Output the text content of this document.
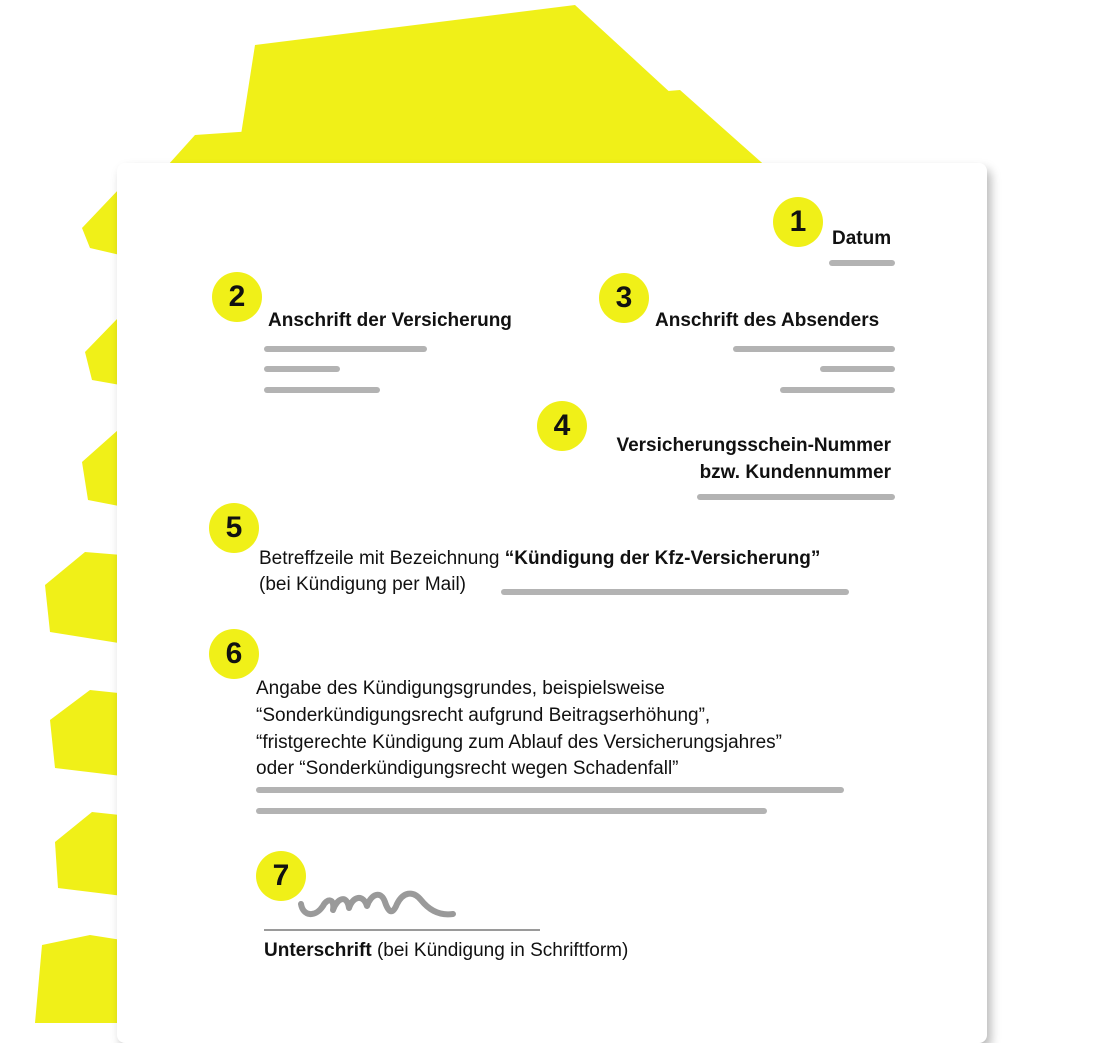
1
Datum
2
Anschrift der Versicherung
3
Anschrift des Absenders
4
Versicherungsschein-Nummer
bzw. Kundennummer
5
Betreffzeile mit Bezeichnung “Kündigung der Kfz-Versicherung”
(bei Kündigung per Mail)
6
Angabe des Kündigungsgrundes, beispielsweise
“Sonderkündigungsrecht aufgrund Beitragserhöhung”,
“fristgerechte Kündigung zum Ablauf des Versicherungsjahres”
oder “Sonderkündigungsrecht wegen Schadenfall”
7
Unterschrift (bei Kündigung in Schriftform)
